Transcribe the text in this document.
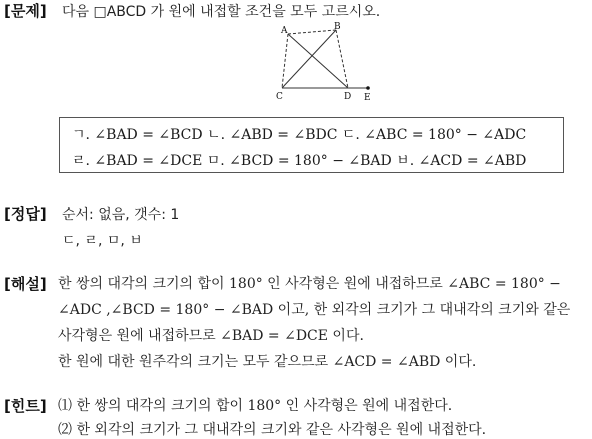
[문제] 다음 □ABCD 가 원에 내접할 조건을 모두 고르시오.
A	B
C	D E
ㄱ. ∠BAD = ∠BCD ㄴ. ∠ABD = ∠BDC ㄷ. ∠ABC = 180° − ∠ADC
ㄹ. ∠BAD = ∠DCE ㅁ. ∠BCD = 180° − ∠BAD ㅂ. ∠ACD = ∠ABD
[정답] 순서: 없음, 갯수: 1
ㄷ, ㄹ, ㅁ, ㅂ
[해설] 한 쌍의 대각의 크기의 합이 180° 인 사각형은 원에 내접하므로 ∠ABC = 180° −
∠ADC ,∠BCD = 180° − ∠BAD 이고, 한 외각의 크기가 그 대내각의 크기와 같은
사각형은 원에 내접하므로 ∠BAD = ∠DCE 이다.
한 원에 대한 원주각의 크기는 모두 같으므로 ∠ACD = ∠ABD 이다.
[힌트] ⑴ 한 쌍의 대각의 크기의 합이 180° 인 사각형은 원에 내접한다.
⑵ 한 외각의 크기가 그 대내각의 크기와 같은 사각형은 원에 내접한다.
